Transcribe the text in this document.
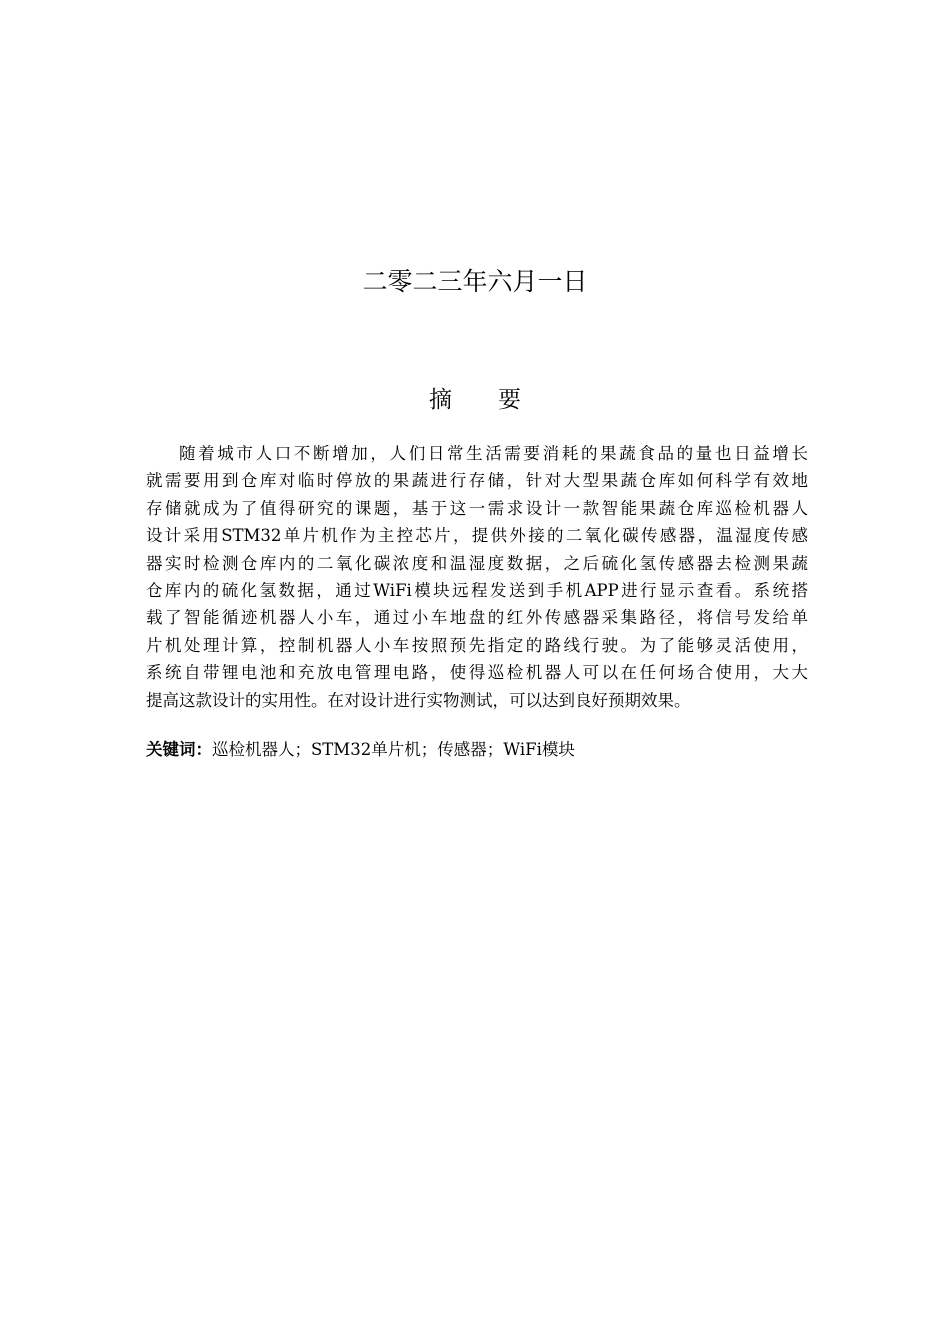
二零二三年六月一日
摘 要
随着城市人口不断增加，人们日常生活需要消耗的果蔬食品的量也日益增长
就需要用到仓库对临时停放的果蔬进行存储，针对大型果蔬仓库如何科学有效地
存储就成为了值得研究的课题，基于这一需求设计一款智能果蔬仓库巡检机器人
设计采用STM32单片机作为主控芯片，提供外接的二氧化碳传感器，温湿度传感
器实时检测仓库内的二氧化碳浓度和温湿度数据，之后硫化氢传感器去检测果蔬
仓库内的硫化氢数据，通过WiFi模块远程发送到手机APP进行显示查看。系统搭
载了智能循迹机器人小车，通过小车地盘的红外传感器采集路径，将信号发给单
片机处理计算，控制机器人小车按照预先指定的路线行驶。为了能够灵活使用，
系统自带锂电池和充放电管理电路，使得巡检机器人可以在任何场合使用，大大
提高这款设计的实用性。在对设计进行实物测试，可以达到良好预期效果。
关键词：巡检机器人；STM32单片机；传感器；WiFi模块
